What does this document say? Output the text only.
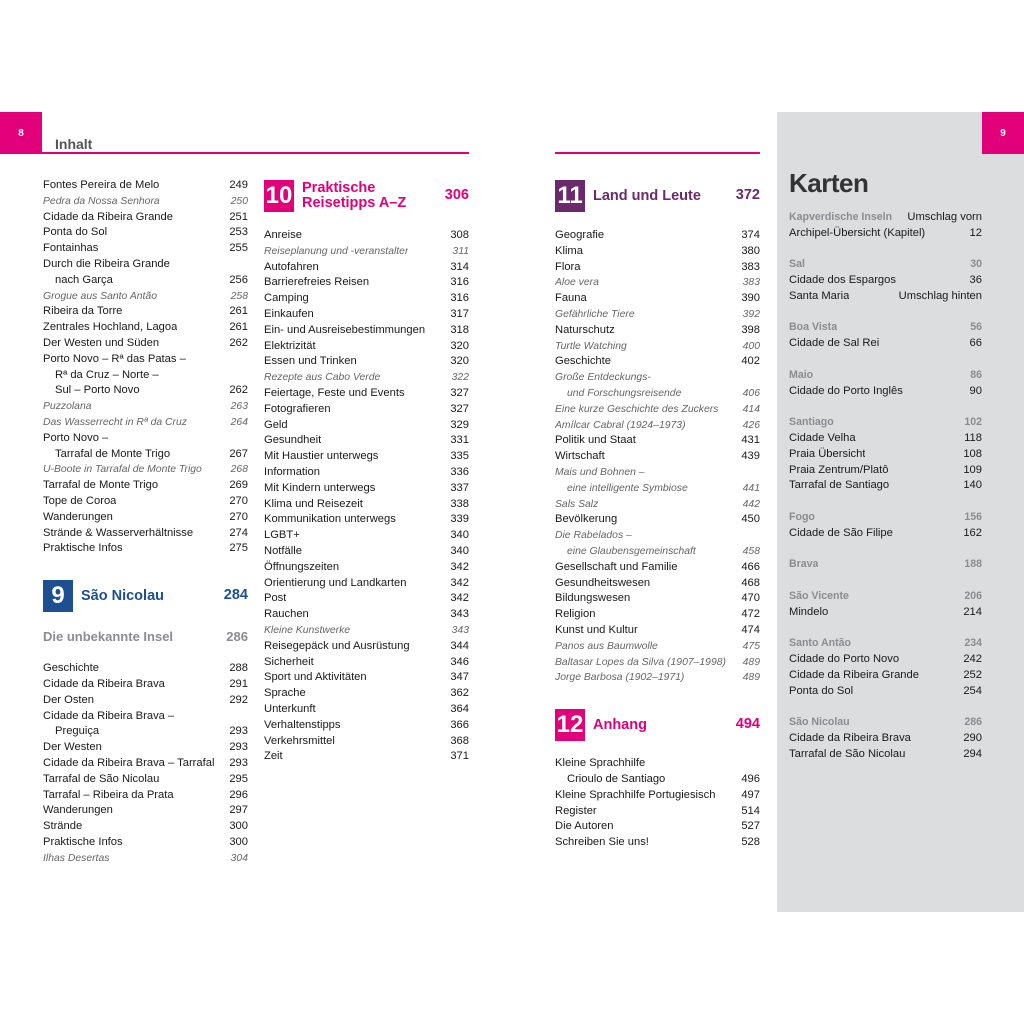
8	9
Inhalt
Fontes Pereira de Melo	249
Pedra da Nossa Senhora	250
Cidade da Ribeira Grande	251
Ponta do Sol	253
Fontainhas	255
Durch die Ribeira Grande
nach Garça	256
Grogue aus Santo Antão	258
Ribeira da Torre	261
Zentrales Hochland, Lagoa	261
Der Westen und Süden	262
Porto Novo – Rª das Patas –
Rª da Cruz – Norte –
Sul – Porto Novo	262
Puzzolana	263
Das Wasserrecht in Rª da Cruz	264
Porto Novo –
Tarrafal de Monte Trigo	267
U-Boote in Tarrafal de Monte Trigo	268
Tarrafal de Monte Trigo	269
Tope de Coroa	270
Wanderungen	270
Strände & Wasserverhältnisse	274
Praktische Infos	275
9	São Nicolau	284
Die unbekannte Insel	286
Geschichte	288
Cidade da Ribeira Brava	291
Der Osten	292
Cidade da Ribeira Brava –
Preguiça	293
Der Westen	293
Cidade da Ribeira Brava – Tarrafal	293
Tarrafal de São Nicolau	295
Tarrafal – Ribeira da Prata	296
Wanderungen	297
Strände	300
Praktische Infos	300
Ilhas Desertas	304
10 Praktische
Reisetipps A–Z	306
Anreise	308
Reiseplanung und -veranstalter	311
Autofahren	314
Barrierefreies Reisen	316
Camping	316
Einkaufen	317
Ein- und Ausreisebestimmungen	318
Elektrizität	320
Essen und Trinken	320
Rezepte aus Cabo Verde	322
Feiertage, Feste und Events	327
Fotografieren	327
Geld	329
Gesundheit	331
Mit Haustier unterwegs	335
Information	336
Mit Kindern unterwegs	337
Klima und Reisezeit	338
Kommunikation unterwegs	339
LGBT+	340
Notfälle	340
Öffnungszeiten	342
Orientierung und Landkarten	342
Post	342
Rauchen	343
Kleine Kunstwerke	343
Reisegepäck und Ausrüstung	344
Sicherheit	346
Sport und Aktivitäten	347
Sprache	362
Unterkunft	364
Verhaltenstipps	366
Verkehrsmittel	368
Zeit	371
11 Land und Leute	372
Geografie	374
Klima	380
Flora	383
Aloe vera	383
Fauna	390
Gefährliche Tiere	392
Naturschutz	398
Turtle Watching	400
Geschichte	402
Große Entdeckungs-
und Forschungsreisende	406
Eine kurze Geschichte des Zuckers	414
Amílcar Cabral (1924–1973)	426
Politik und Staat	431
Wirtschaft	439
Mais und Bohnen –
eine intelligente Symbiose	441
Sals Salz	442
Bevölkerung	450
Die Rabelados –
eine Glaubensgemeinschaft	458
Gesellschaft und Familie	466
Gesundheitswesen	468
Bildungswesen	470
Religion	472
Kunst und Kultur	474
Panos aus Baumwolle	475
Baltasar Lopes da Silva (1907–1998)	489
Jorge Barbosa (1902–1971)	489
12 Anhang	494
Kleine Sprachhilfe
Crioulo de Santiago	496
Kleine Sprachhilfe Portugiesisch	497
Register	514
Die Autoren	527
Schreiben Sie uns!	528
Karten
Kapverdische Inseln	Umschlag vorn
Archipel-Übersicht (Kapitel)	12
Sal	30
Cidade dos Espargos	36
Santa Maria	Umschlag hinten
Boa Vista	56
Cidade de Sal Rei	66
Maio	86
Cidade do Porto Inglês	90
Santiago	102
Cidade Velha	118
Praia Übersicht	108
Praia Zentrum/Platô	109
Tarrafal de Santiago	140
Fogo	156
Cidade de São Filipe	162
Brava	188
São Vicente	206
Mindelo	214
Santo Antão	234
Cidade do Porto Novo	242
Cidade da Ribeira Grande	252
Ponta do Sol	254
São Nicolau	286
Cidade da Ribeira Brava	290
Tarrafal de São Nicolau	294
